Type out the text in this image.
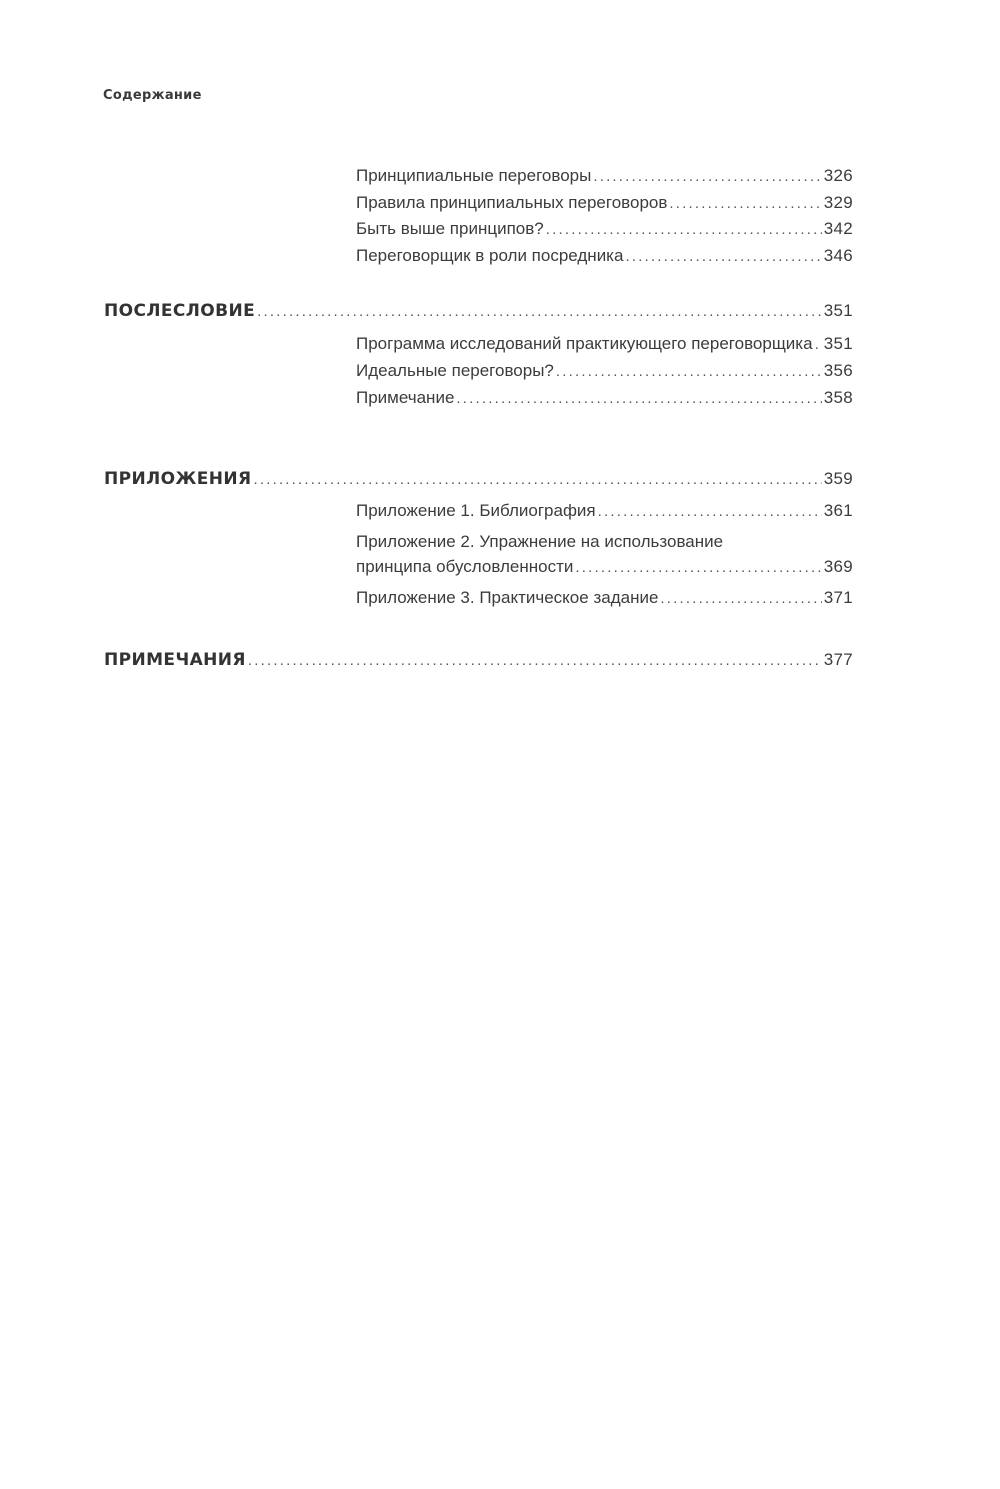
Содержание
Принципиальные переговоры .....	326
Правила принципиальных переговоров .....	329
Быть выше принципов? .....	342
Переговорщик в роли посредника .....	346
ПОСЛЕСЛОВИЕ .....	351
Программа исследований практикующего переговорщика ..... 351
Идеальные переговоры? .....	356
Примечание .....	358
ПРИЛОЖЕНИЯ .....	359
Приложение 1. Библиография .....	361
Приложение 2. Упражнение на использование
принципа обусловленности .....	369
Приложение 3. Практическое задание .....	371
ПРИМЕЧАНИЯ .....	377
